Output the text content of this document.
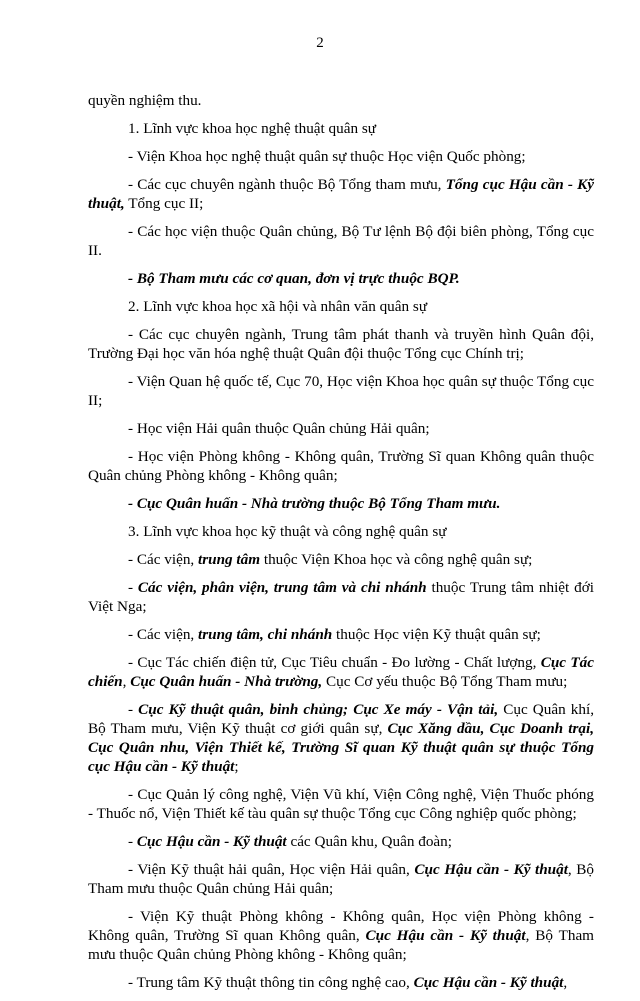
2

quyền nghiệm thu.

1. Lĩnh vực khoa học nghệ thuật quân sự

- Viện Khoa học nghệ thuật quân sự thuộc Học viện Quốc phòng;

- Các cục chuyên ngành thuộc Bộ Tổng tham mưu, Tổng cục Hậu cần - Kỹ thuật, Tổng cục II;

- Các học viện thuộc Quân chủng, Bộ Tư lệnh Bộ đội biên phòng, Tổng cục II.

- Bộ Tham mưu các cơ quan, đơn vị trực thuộc BQP.

2. Lĩnh vực khoa học xã hội và nhân văn quân sự

- Các cục chuyên ngành, Trung tâm phát thanh và truyền hình Quân đội, Trường Đại học văn hóa nghệ thuật Quân đội thuộc Tổng cục Chính trị;

- Viện Quan hệ quốc tế, Cục 70, Học viện Khoa học quân sự thuộc Tổng cục II;

- Học viện Hải quân thuộc Quân chủng Hải quân;

- Học viện Phòng không - Không quân, Trường Sĩ quan Không quân thuộc Quân chủng Phòng không - Không quân;

- Cục Quân huấn - Nhà trường thuộc Bộ Tổng Tham mưu.

3. Lĩnh vực khoa học kỹ thuật và công nghệ quân sự

- Các viện, trung tâm thuộc Viện Khoa học và công nghệ quân sự;

- Các viện, phân viện, trung tâm và chi nhánh thuộc Trung tâm nhiệt đới Việt Nga;

- Các viện, trung tâm, chi nhánh thuộc Học viện Kỹ thuật quân sự;

- Cục Tác chiến điện tử, Cục Tiêu chuẩn - Đo lường - Chất lượng, Cục Tác chiến, Cục Quân huấn - Nhà trường, Cục Cơ yếu thuộc Bộ Tổng Tham mưu;

- Cục Kỹ thuật quân, binh chủng; Cục Xe máy - Vận tải, Cục Quân khí, Bộ Tham mưu, Viện Kỹ thuật cơ giới quân sự, Cục Xăng dầu, Cục Doanh trại, Cục Quân nhu, Viện Thiết kế, Trường Sĩ quan Kỹ thuật quân sự thuộc Tổng cục Hậu cần - Kỹ thuật;

- Cục Quản lý công nghệ, Viện Vũ khí, Viện Công nghệ, Viện Thuốc phóng - Thuốc nổ, Viện Thiết kế tàu quân sự thuộc Tổng cục Công nghiệp quốc phòng;

- Cục Hậu cần - Kỹ thuật các Quân khu, Quân đoàn;

- Viện Kỹ thuật hải quân, Học viện Hải quân, Cục Hậu cần - Kỹ thuật, Bộ Tham mưu thuộc Quân chủng Hải quân;

- Viện Kỹ thuật Phòng không - Không quân, Học viện Phòng không - Không quân, Trường Sĩ quan Không quân, Cục Hậu cần - Kỹ thuật, Bộ Tham mưu thuộc Quân chủng Phòng không - Không quân;

- Trung tâm Kỹ thuật thông tin công nghệ cao, Cục Hậu cần - Kỹ thuật,
